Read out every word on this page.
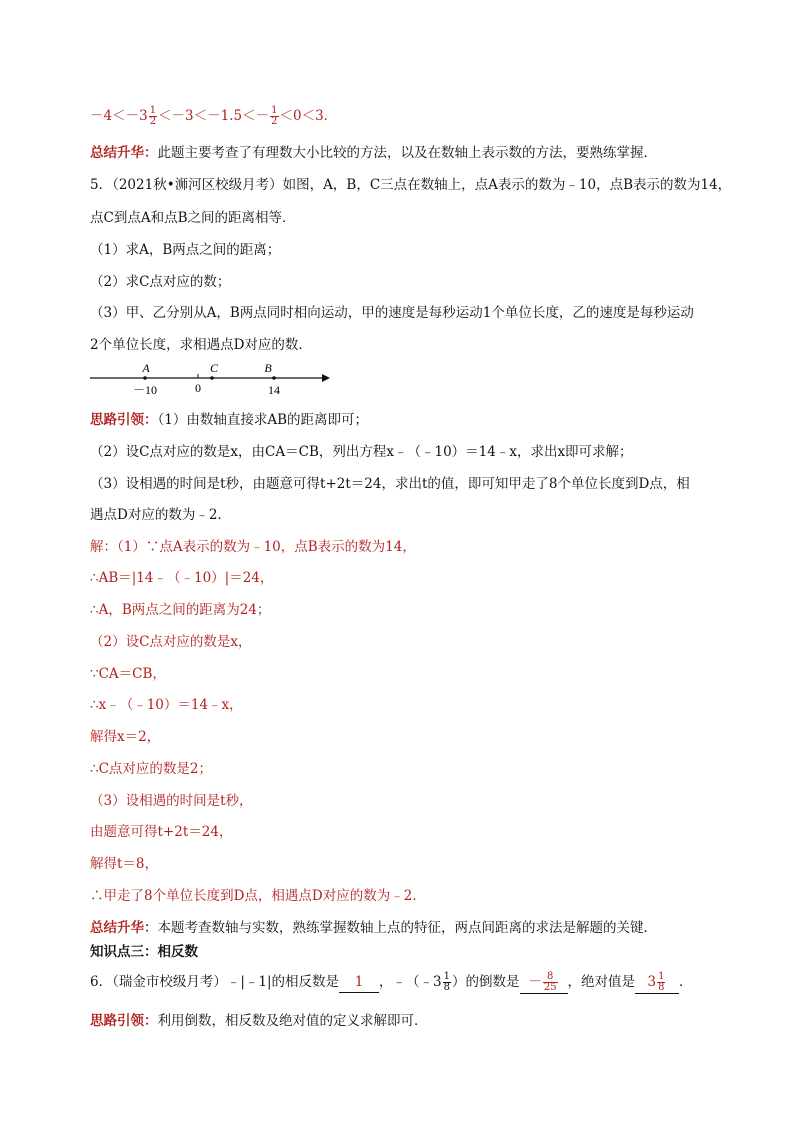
$-4<-3 \frac{1}{2} <-3<-1.5<- \frac{1}{2} <0<3$．
总结升华：此题主要考查了有理数大小比较的方法，以及在数轴上表示数的方法，要熟练掌握．
5．（2021秋•浉河区校级月考）如图，A，B，C三点在数轴上，点A表示的数为﹣10，点B表示的数为14，
点C到点A和点B之间的距离相等．
（1）求A，B两点之间的距离；
（2）求C点对应的数；
（3）甲、乙分别从A，B两点同时相向运动，甲的速度是每秒运动1个单位长度，乙的速度是每秒运动
2个单位长度，求相遇点D对应的数．
A	C	B
－10	0	14
思路引领：（1）由数轴直接求AB的距离即可；
（2）设C点对应的数是x，由CA＝CB，列出方程x﹣（﹣10）＝14﹣x，求出x即可求解；
（3）设相遇的时间是t秒，由题意可得t+2t＝24，求出t的值，即可知甲走了8个单位长度到D点，相
遇点D对应的数为﹣2．
解：（1）∵点A表示的数为﹣10，点B表示的数为14，
∴AB＝|14﹣（﹣10）|＝24，
∴A，B两点之间的距离为24；
（2）设C点对应的数是x，
∵CA＝CB，
∴x﹣（﹣10）＝14﹣x，
解得x＝2，
∴C点对应的数是2；
（3）设相遇的时间是t秒，
由题意可得t+2t＝24，
解得t＝8，
∴甲走了8个单位长度到D点，相遇点D对应的数为﹣2．
总结升华：本题考查数轴与实数，熟练掌握数轴上点的特征，两点间距离的求法是解题的关键．
知识点三：相反数
6．（瑞金市校级月考）﹣|﹣1|的相反数是 1 ，﹣（﹣3 $\frac{1}{8}$ ）的倒数是 － $\frac{8}{25}$ ，绝对值是 $3 \frac{1}{8}$ ．
思路引领：利用倒数，相反数及绝对值的定义求解即可．
